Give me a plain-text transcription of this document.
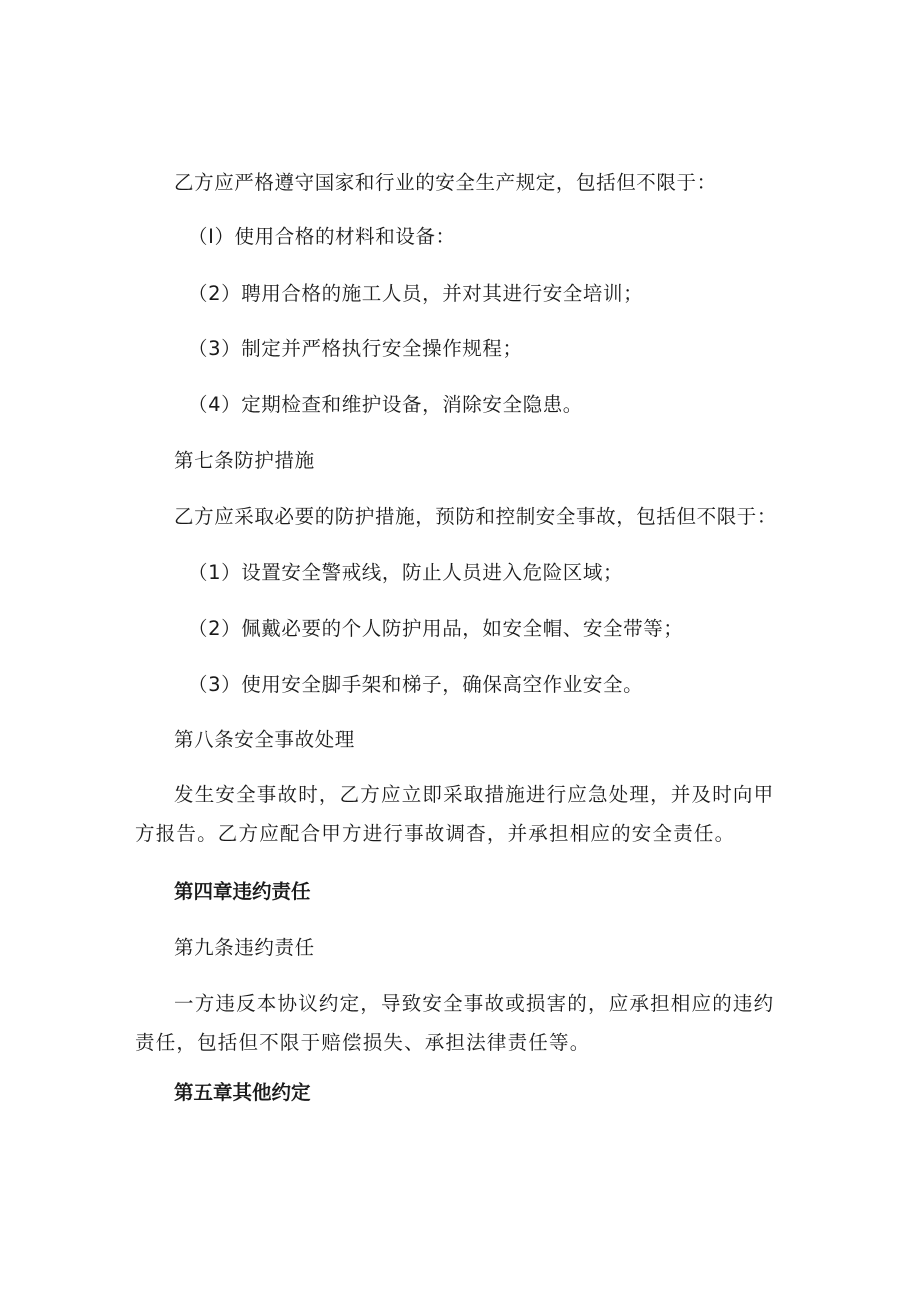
乙方应严格遵守国家和行业的安全生产规定，包括但不限于：
（I）使用合格的材料和设备：
（2）聘用合格的施工人员，并对其进行安全培训；
（3）制定并严格执行安全操作规程；
（4）定期检查和维护设备，消除安全隐患。
第七条防护措施
乙方应采取必要的防护措施，预防和控制安全事故，包括但不限于：
（1）设置安全警戒线，防止人员进入危险区域；
（2）佩戴必要的个人防护用品，如安全帽、安全带等；
（3）使用安全脚手架和梯子，确保高空作业安全。
第八条安全事故处理
发生安全事故时，乙方应立即采取措施进行应急处理，并及时向甲
方报告。乙方应配合甲方进行事故调杳，并承担相应的安全责任。
第四章违约责任
第九条违约责任
一方违反本协议约定，导致安全事故或损害的，应承担相应的违约
责任，包括但不限于赔偿损失、承担法律责任等。
第五章其他约定
